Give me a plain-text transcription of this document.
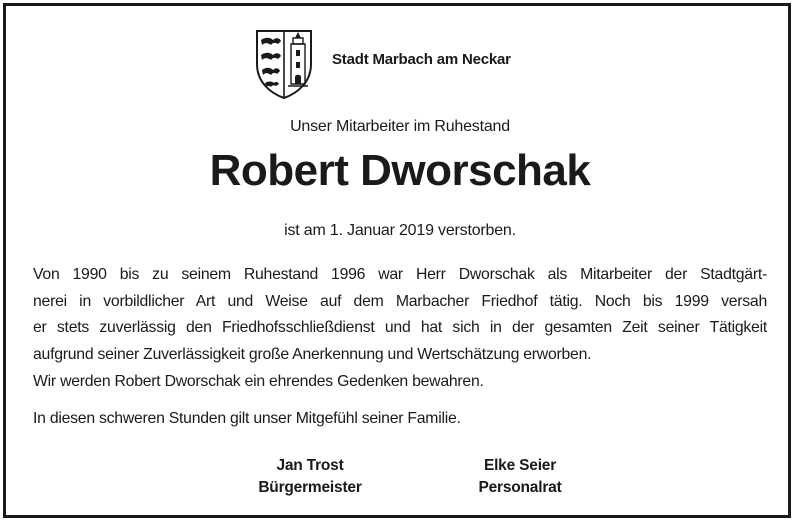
Stadt Marbach am Neckar
Unser Mitarbeiter im Ruhestand
Robert Dworschak
ist am 1. Januar 2019 verstorben.
Von 1990 bis zu seinem Ruhestand 1996 war Herr Dworschak als Mitarbeiter der Stadtgärt-
nerei in vorbildlicher Art und Weise auf dem Marbacher Friedhof tätig. Noch bis 1999 versah
er stets zuverlässig den Friedhofsschließdienst und hat sich in der gesamten Zeit seiner Tätigkeit
aufgrund seiner Zuverlässigkeit große Anerkennung und Wertschätzung erworben.
Wir werden Robert Dworschak ein ehrendes Gedenken bewahren.
In diesen schweren Stunden gilt unser Mitgefühl seiner Familie.
Jan Trost
Bürgermeister
Elke Seier
Personalrat
